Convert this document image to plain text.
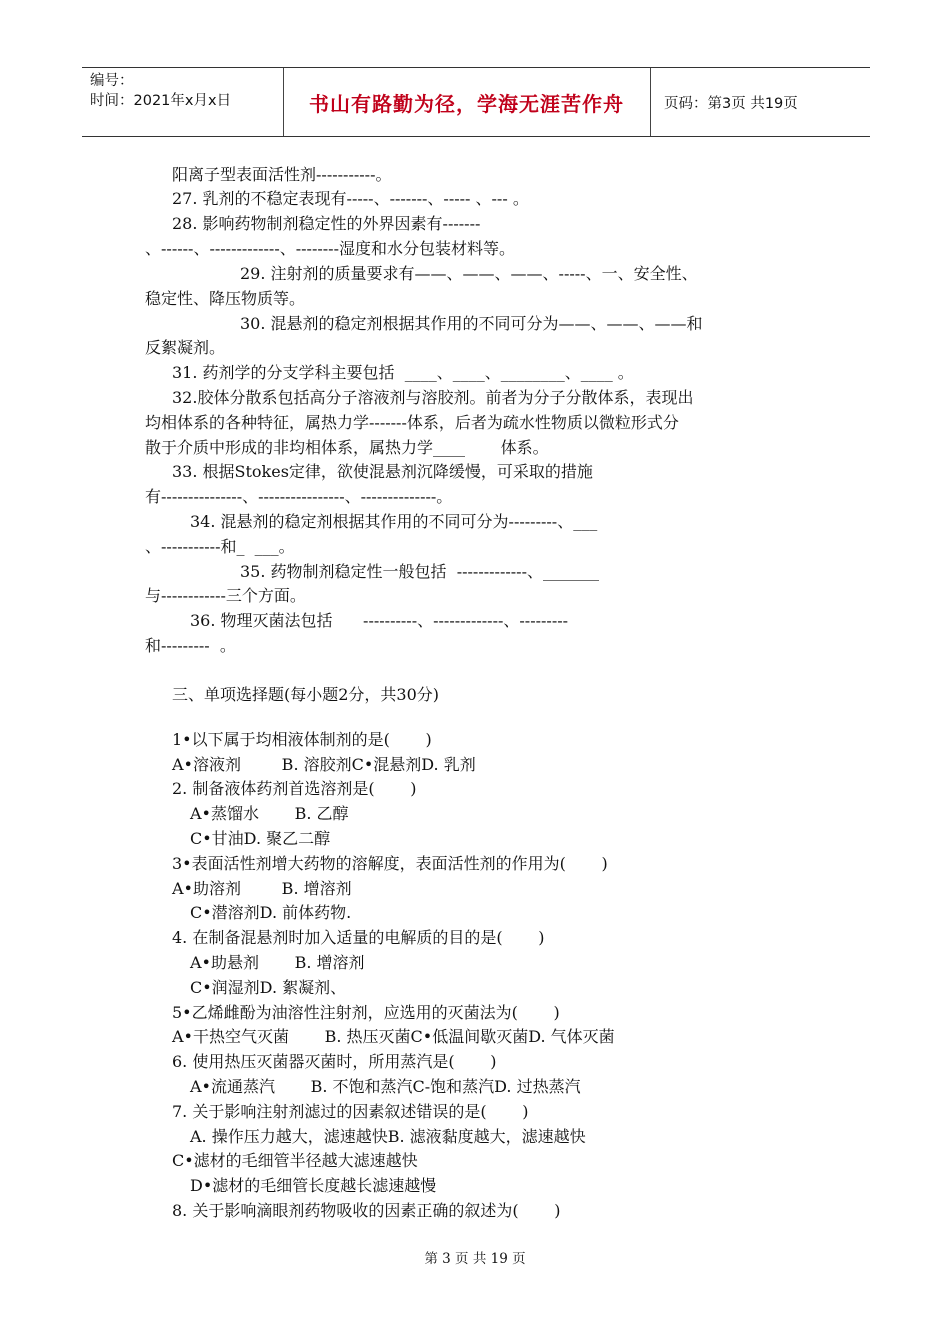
编号：
时间：2021年x月x日	书山有路勤为径，学海无涯苦作舟	页码：第3页 共19页
阳离子型表面活性剂-----------。
27. 乳剂的不稳定表现有-----、-------、----- 、--- 。
28. 影响药物制剂稳定性的外界因素有-------
、------、-------------、--------湿度和水分包装材料等。
29. 注射剂的质量要求有——、——、——、-----、一、安全性、
稳定性、降压物质等。
30. 混悬剂的稳定剂根据其作用的不同可分为——、——、——和
反絮凝剂。
31. 药剂学的分支学科主要包括  ____、____、________、____ 。
32.胶体分散系包括高分子溶液剂与溶胶剂。前者为分子分散体系，表现出
均相体系的各种特征，属热力学-------体系，后者为疏水性物质以微粒形式分
散于介质中形成的非均相体系，属热力学____       体系。
33. 根据Stokes定律，欲使混悬剂沉降缓慢，可采取的措施
有---------------、----------------、--------------。
34. 混悬剂的稳定剂根据其作用的不同可分为---------、___
、-----------和_  ___。
35. 药物制剂稳定性一般包括  -------------、_______
与------------三个方面。
36. 物理灭菌法包括      ----------、-------------、---------
和---------  。
三、单项选择题(每小题2分，共30分)
1•以下属于均相液体制剂的是(       )
A•溶液剂        B. 溶胶剂C•混悬剂D. 乳剂
2. 制备液体药剂首选溶剂是(       )
A•蒸馏水       B. 乙醇
C•甘油D. 聚乙二醇
3•表面活性剂增大药物的溶解度，表面活性剂的作用为(       )
A•助溶剂        B. 增溶剂
C•潜溶剂D. 前体药物.
4. 在制备混悬剂时加入适量的电解质的目的是(       )
A•助悬剂       B. 增溶剂
C•润湿剂D. 絮凝剂、
5•乙烯雌酚为油溶性注射剂，应选用的灭菌法为(       )
A•干热空气灭菌       B. 热压灭菌C•低温间歇灭菌D. 气体灭菌
6. 使用热压灭菌器灭菌时，所用蒸汽是(       )
A•流通蒸汽       B. 不饱和蒸汽C-饱和蒸汽D. 过热蒸汽
7. 关于影响注射剂滤过的因素叙述错误的是(       )
A. 操作压力越大，滤速越快B. 滤液黏度越大，滤速越快
C•滤材的毛细管半径越大滤速越快
D•滤材的毛细管长度越长滤速越慢
8. 关于影响滴眼剂药物吸收的因素正确的叙述为(       )
第 3 页 共 19 页
